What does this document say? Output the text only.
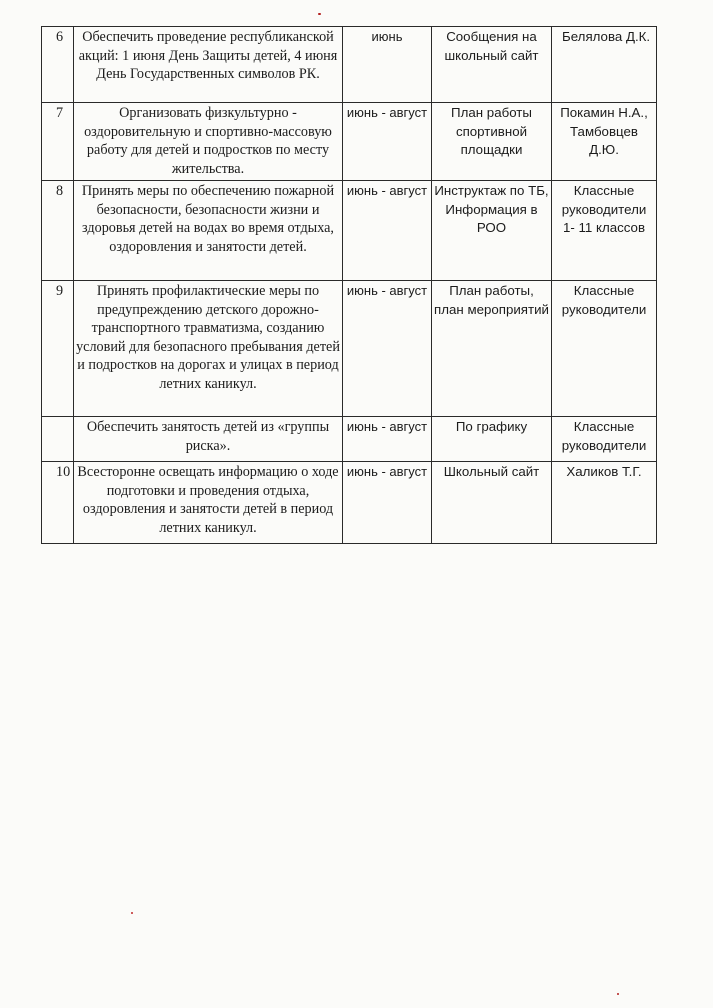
6	Обеспечить проведение республиканской акций: 1 июня День Защиты детей, 4 июня День Государственных символов РК.	июнь	Сообщения на школьный сайт	Белялова Д.К.
7	Организовать физкультурно - оздоровительную и спортивно-массовую работу для детей и подростков по месту жительства.	июнь - август	План работы спортивной площадки	Покамин Н.А., Тамбовцев Д.Ю.
8	Принять меры по обеспечению пожарной безопасности, безопасности жизни и здоровья детей на водах во время отдыха, оздоровления и занятости детей.	июнь - август	Инструктаж по ТБ, Информация в РОО	Классные руководители 1- 11 классов
9	Принять профилактические меры по предупреждению детского дорожно-транспортного травматизма, созданию условий для безопасного пребывания детей и подростков на дорогах и улицах в период летних каникул.	июнь - август	План работы, план мероприятий	Классные руководители
	Обеспечить занятость детей из «группы риска».	июнь - август	По графику	Классные руководители
10	Всесторонне освещать информацию о ходе подготовки и проведения отдыха, оздоровления и занятости детей в период летних каникул.	июнь - август	Школьный сайт	Халиков Т.Г.
